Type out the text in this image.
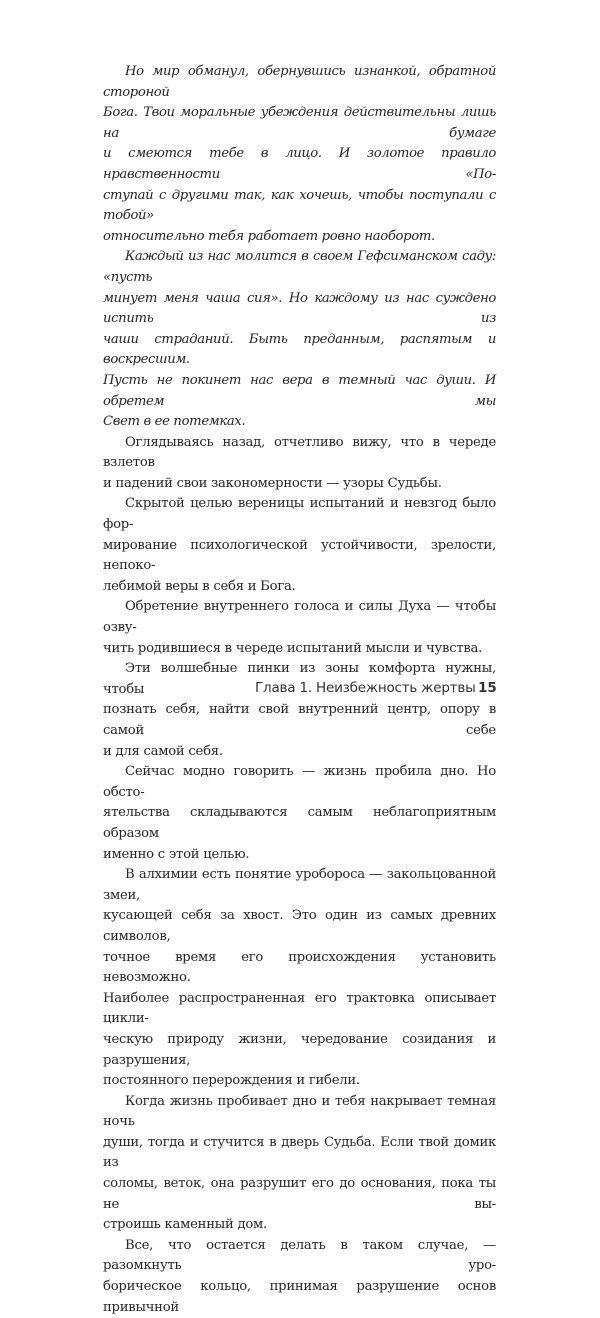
Но мир обманул, обернувшись изнанкой, обратной стороной
Бога. Твои моральные убеждения действительны лишь на бумаге
и смеются тебе в лицо. И золотое правило нравственности «По-
ступай с другими так, как хочешь, чтобы поступали с тобой»
относительно тебя работает ровно наоборот.

Каждый из нас молится в своем Гефсиманском саду: «пусть
минует меня чаша сия». Но каждому из нас суждено испить из
чаши страданий. Быть преданным, распятым и воскресшим.
Пусть не покинет нас вера в темный час души. И обретем мы
Свет в ее потемках.

Оглядываясь назад, отчетливо вижу, что в череде взлетов
и падений свои закономерности — узоры Судьбы.

Скрытой целью вереницы испытаний и невзгод было фор-
мирование психологической устойчивости, зрелости, непоко-
лебимой веры в себя и Бога.

Обретение внутреннего голоса и силы Духа — чтобы озву-
чить родившиеся в череде испытаний мысли и чувства.

Эти волшебные пинки из зоны комфорта нужны, чтобы
познать себя, найти свой внутренний центр, опору в самой себе
и для самой себя.

Сейчас модно говорить — жизнь пробила дно. Но обсто-
ятельства складываются самым неблагоприятным образом
именно с этой целью.

В алхимии есть понятие уробороса — закольцованной змеи,
кусающей себя за хвост. Это один из самых древних символов,
точное время его происхождения установить невозможно.
Наиболее распространенная его трактовка описывает цикли-
ческую природу жизни, чередование созидания и разрушения,
постоянного перерождения и гибели.

Когда жизнь пробивает дно и тебя накрывает темная ночь
души, тогда и стучится в дверь Судьба. Если твой домик из
соломы, веток, она разрушит его до основания, пока ты не вы-
строишь каменный дом.

Все, что остается делать в таком случае, — разомкнуть уро-
борическое кольцо, принимая разрушение основ привычной

Глава 1. Неизбежность жертвы 15
